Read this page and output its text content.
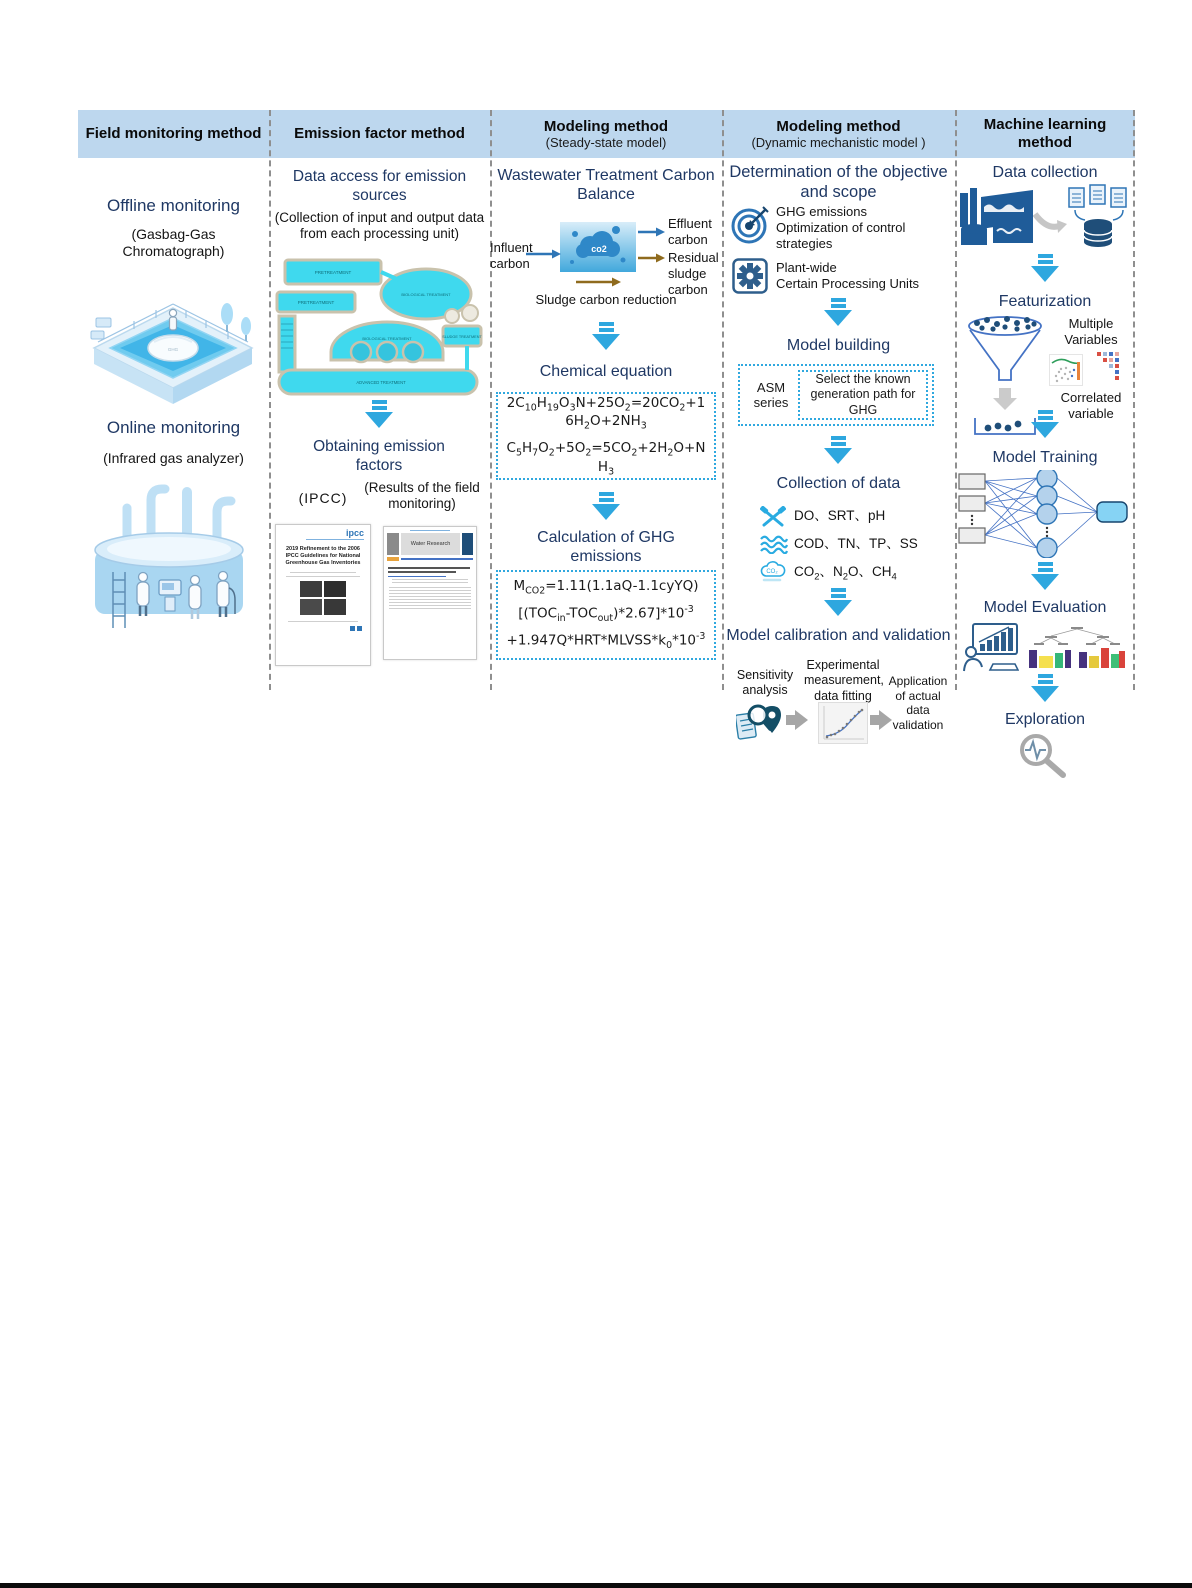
Field monitoring method Emission factor method	Modeling method
(Steady-state model)
Modeling method
(Dynamic mechanistic model )
Machine learning method
Offline monitoring
(Gasbag-Gas Chromatograph)
GHG
Online monitoring
(Infrared gas analyzer)
Data access for emission sources
(Collection of input and output data from each processing unit)
PRETREATMENT
PRETREATMENT
BIOLOGICAL TREATMENT
BIOLOGICAL TREATMENT	SLUDGE TREATMENT
ADVANCED TREATMENT
Obtaining emission factors
(IPCC)
(Results of the field monitoring)
ipcc
2019 Refinement to the 2006 IPCC Guidelines for National Greenhouse Gas Inventories
Water Research
Wastewater Treatment Carbon Balance
Influent carbon
Effluent carbon
Residual sludge carbon
Sludge carbon reduction
co2
Chemical equation
$2C_{10}H_{19}O_3N+25O_2=20CO_2+16H_2O+2NH_3$
$C_5H_7O_2+5O_2=5CO_2+2H_2O+NH_3$
Calculation of GHG emissions
$M_{CO2}=1.11(1.1aQ-1.1cyYQ)$
$[(TOC_{in}-TOC_{out})*2.67]*10^{-3}$
$+1.947Q*HRT*MLVSS*k_0*10^{-3}$
Determination of the objective and scope
GHG emissions
Optimization of control strategies
Plant-wide
Certain Processing Units
Model building
ASM series
Select the known generation path for GHG
Collection of data
DO、SRT、pH
COD、TN、TP、SS
CO₂ $CO_2$、$N_2O$、$CH_4$
Model calibration and validation
Sensitivity analysis
Experimental measurement, data fitting
Application of actual data validation
Data collection
Featurization
Multiple Variables
Correlated variable
Model Training
Model Evaluation
Exploration
